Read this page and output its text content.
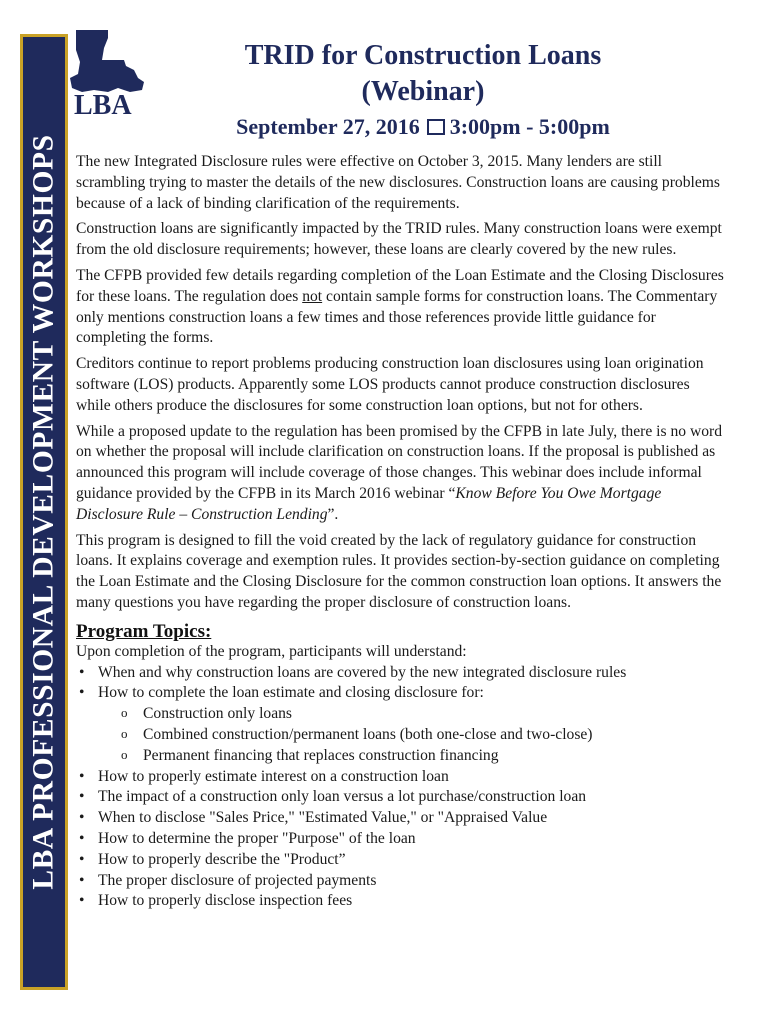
LBA PROFESSIONAL DEVELOPMENT WORKSHOPS
LBA
TRID for Construction Loans
(Webinar)
September 27, 2016 3:00pm - 5:00pm

The new Integrated Disclosure rules were effective on October 3, 2015. Many lenders are still scrambling trying to master the details of the new disclosures. Construction loans are causing problems because of a lack of binding clarification of the requirements.

Construction loans are significantly impacted by the TRID rules. Many construction loans were exempt from the old disclosure requirements; however, these loans are clearly covered by the new rules.

The CFPB provided few details regarding completion of the Loan Estimate and the Closing Disclosures for these loans. The regulation does not contain sample forms for construction loans. The Commentary only mentions construction loans a few times and those references provide little guidance for completing the forms.

Creditors continue to report problems producing construction loan disclosures using loan origination software (LOS) products. Apparently some LOS products cannot produce construction disclosures while others produce the disclosures for some construction loan options, but not for others.

While a proposed update to the regulation has been promised by the CFPB in late July, there is no word on whether the proposal will include clarification on construction loans. If the proposal is published as announced this program will include coverage of those changes. This webinar does include informal guidance provided by the CFPB in its March 2016 webinar “Know Before You Owe Mortgage Disclosure Rule – Construction Lending”.

This program is designed to fill the void created by the lack of regulatory guidance for construction loans. It explains coverage and exemption rules. It provides section-by-section guidance on completing the Loan Estimate and the Closing Disclosure for the common construction loan options. It answers the many questions you have regarding the proper disclosure of construction loans.

Program Topics:
Upon completion of the program, participants will understand:
• When and why construction loans are covered by the new integrated disclosure rules
• How to complete the loan estimate and closing disclosure for:
o Construction only loans
o Combined construction/permanent loans (both one-close and two-close)
o Permanent financing that replaces construction financing
• How to properly estimate interest on a construction loan
• The impact of a construction only loan versus a lot purchase/construction loan
• When to disclose "Sales Price," "Estimated Value," or "Appraised Value
• How to determine the proper "Purpose" of the loan
• How to properly describe the "Product”
• The proper disclosure of projected payments
• How to properly disclose inspection fees
